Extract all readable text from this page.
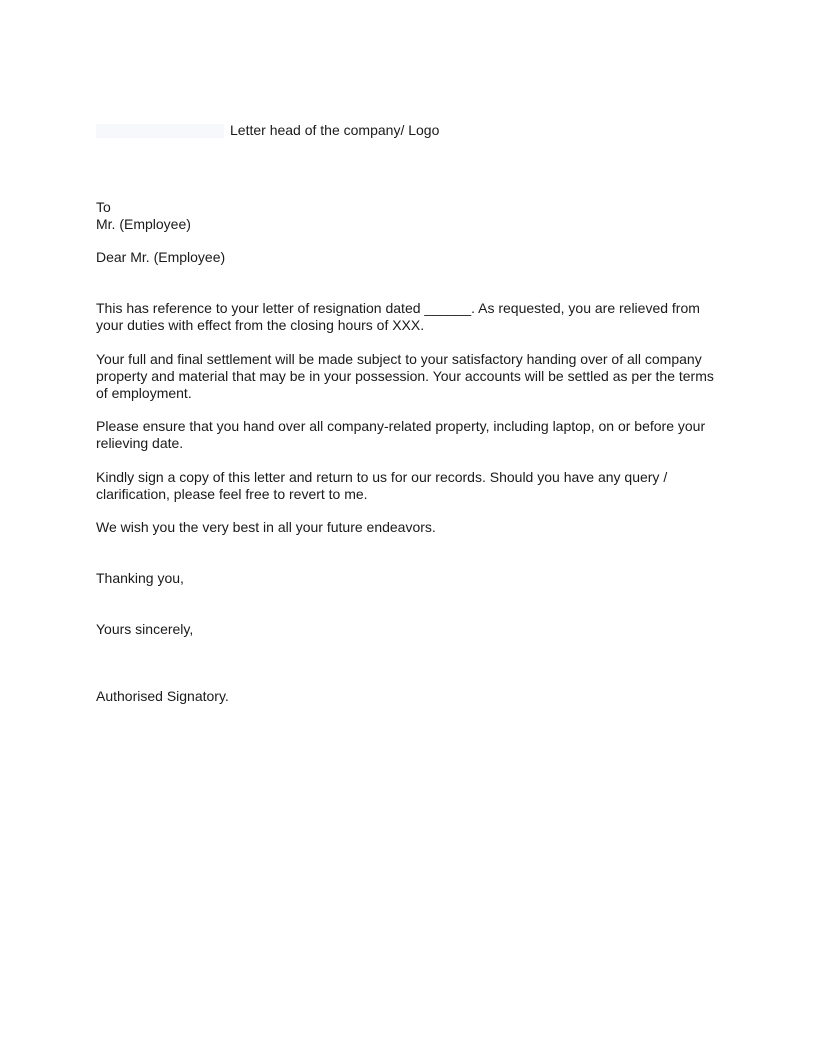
Letter head of the company/ Logo
To
Mr. (Employee)
Dear Mr. (Employee)

This has reference to your letter of resignation dated ______. As requested, you are relieved from your duties with effect from the closing hours of XXX.

Your full and final settlement will be made subject to your satisfactory handing over of all company property and material that may be in your possession. Your accounts will be settled as per the terms of employment.

Please ensure that you hand over all company-related property, including laptop, on or before your relieving date.

Kindly sign a copy of this letter and return to us for our records. Should you have any query / clarification, please feel free to revert to me.

We wish you the very best in all your future endeavors.

Thanking you,
Yours sincerely,
Authorised Signatory.
